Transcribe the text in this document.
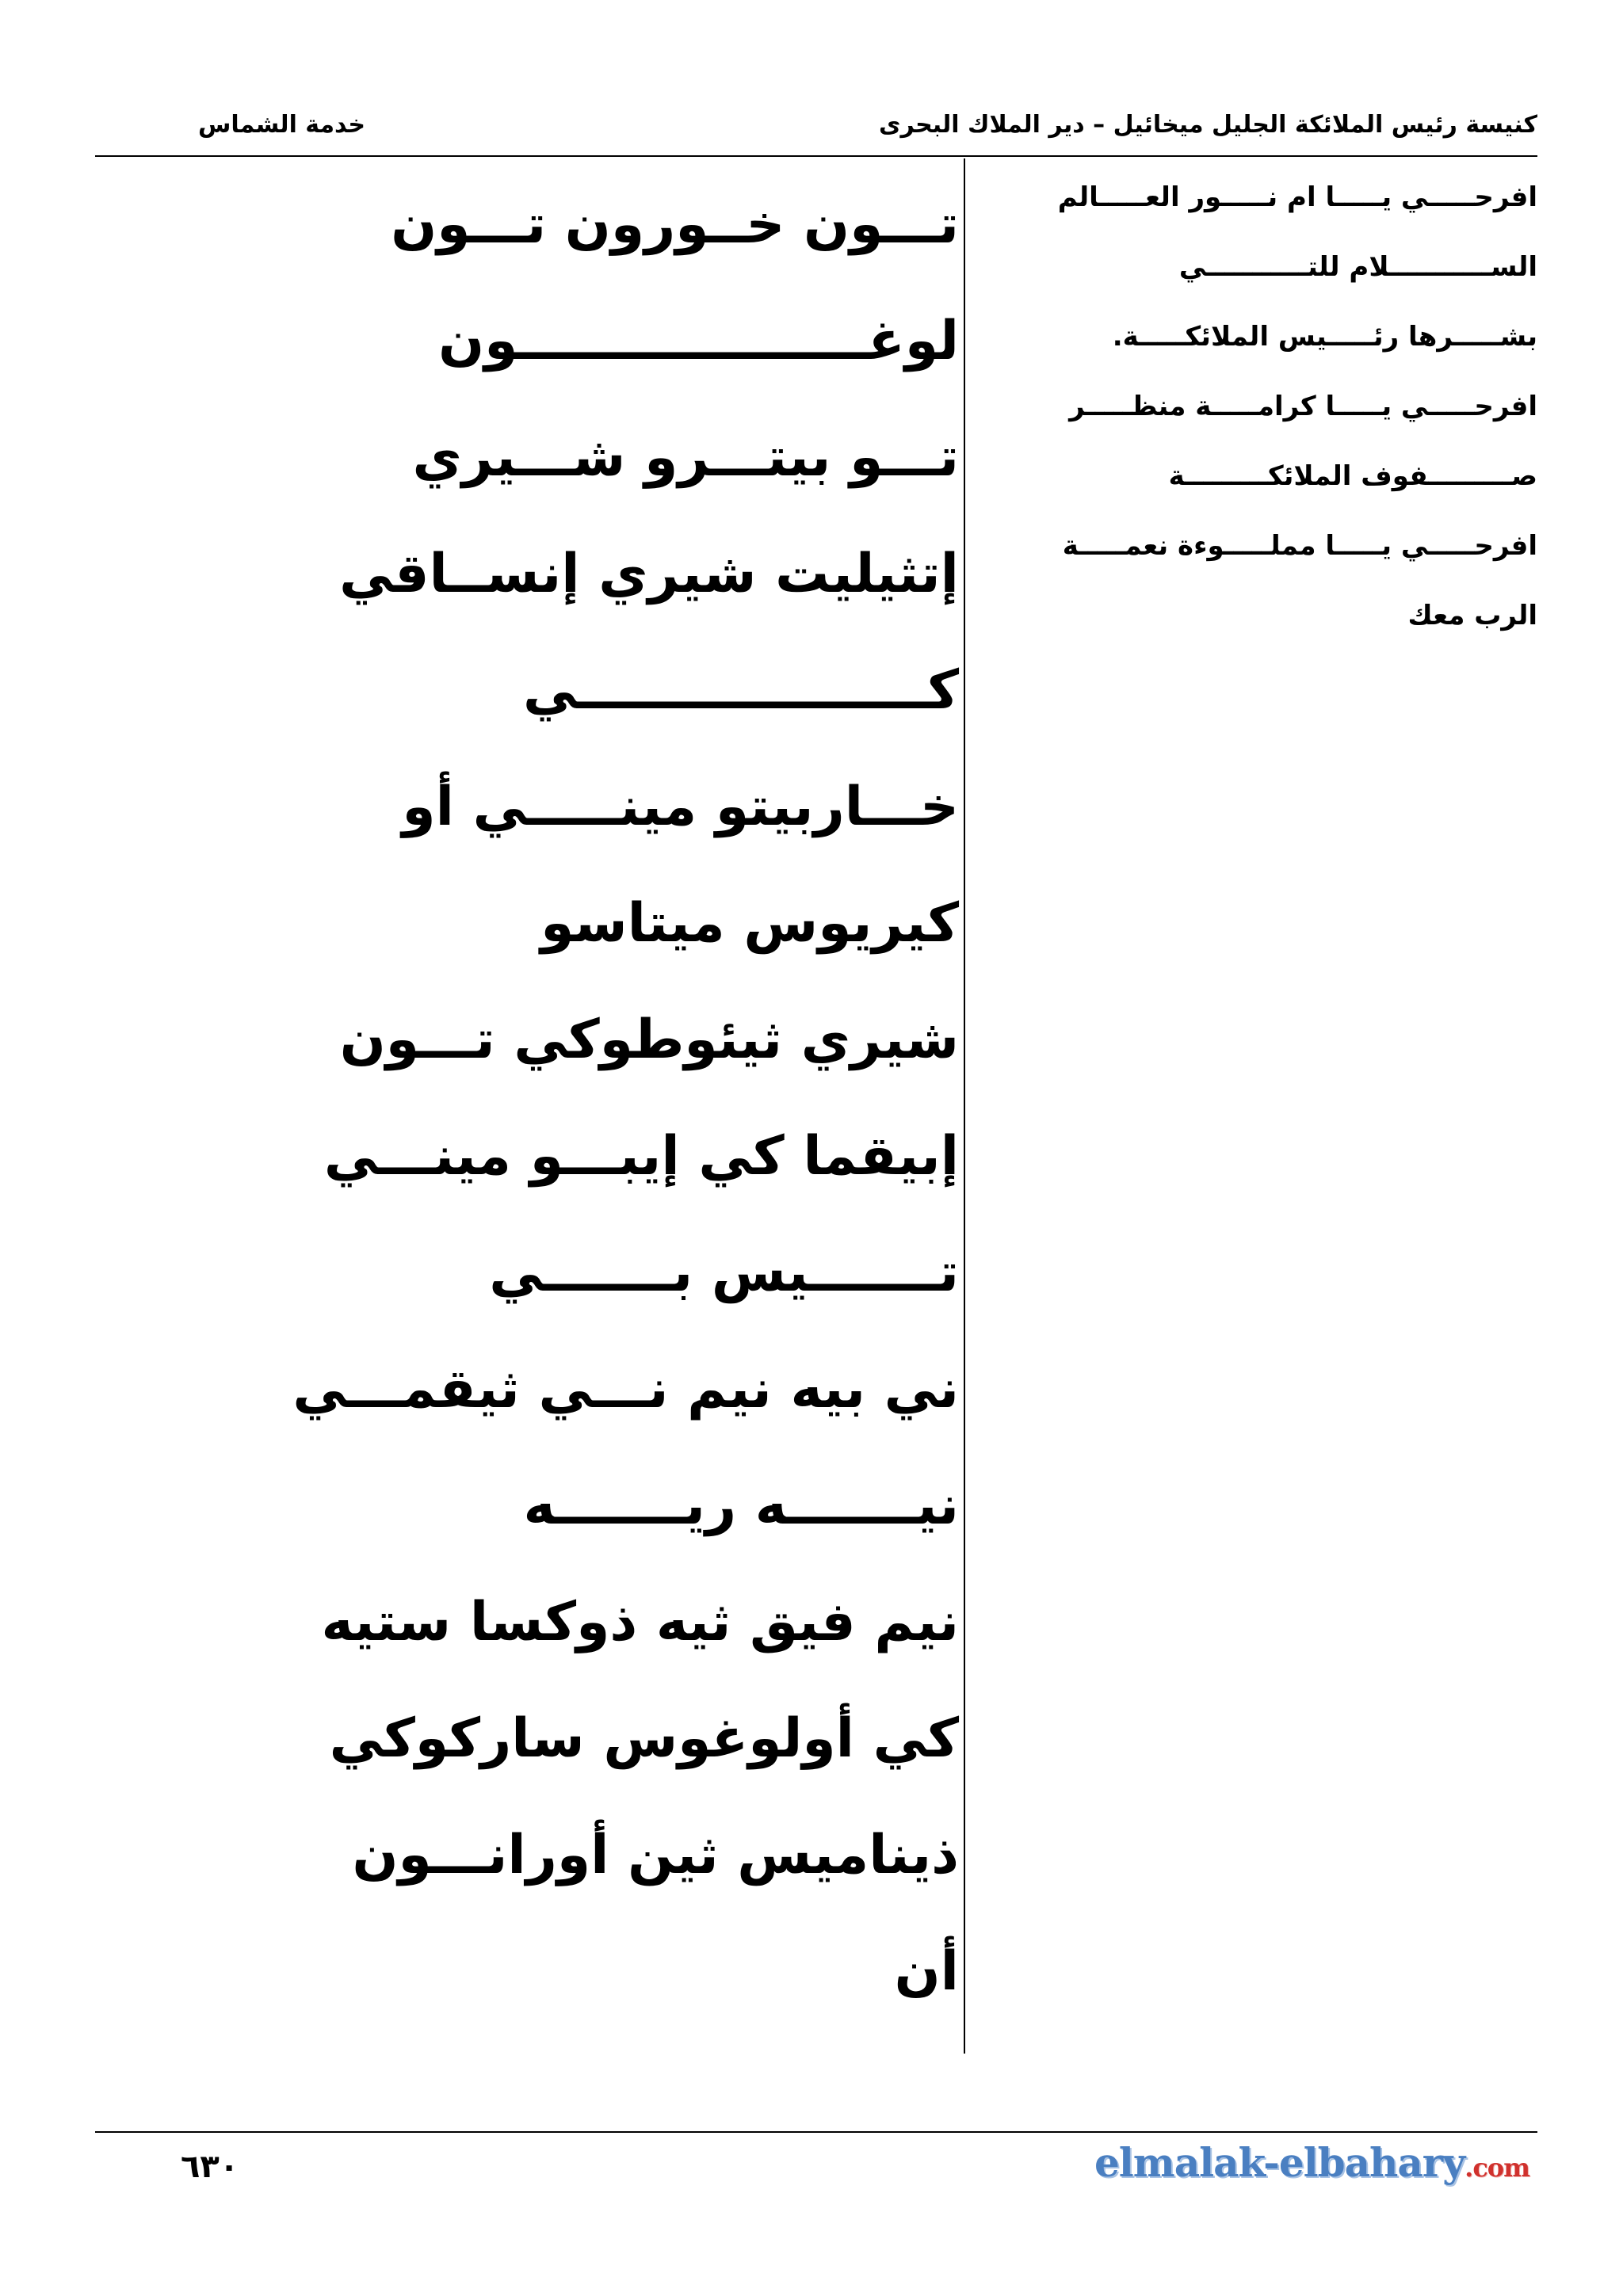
كنيسة رئيس الملائكة الجليل ميخائيل – دير الملاك البحرى
خدمة الشماس
تـــون خــورون تـــون
لوغـــــــــــــــــــون
تـــو بيتـــرو شـــيري
إتثيليت شيري إنســاقي
كـــــــــــــــــــي
خـــاربيتو مينـــــي أو
كيريوس ميتاسو
شيري ثيئوطوكي تـــون
إبيقما كي إيبـــو مينـــي
تـــــــيس بـــــــي
ني بيه نيم نـــي ثيقمـــي
نيـــــــه ريـــــــه
نيم فيق ثيه ذوكسا ستيه
كي أولوغوس ساركوكي
ذيناميس ثين أورانـــون
أن
افرحـــــي يـــــا ام نـــــور العـــــالم
الســـــــــــلام للتـــــــــــي
بشـــــرها رئـــــيس الملائكـــــة.
افرحـــــي يـــــا كرامـــــة منظـــــر
صـــــــــفوف الملائكـــــــــة
افرحـــــي يـــــا مملـــــوءة نعمـــــة
الرب معك
٦٣٠	elmalak-elbahary.com
